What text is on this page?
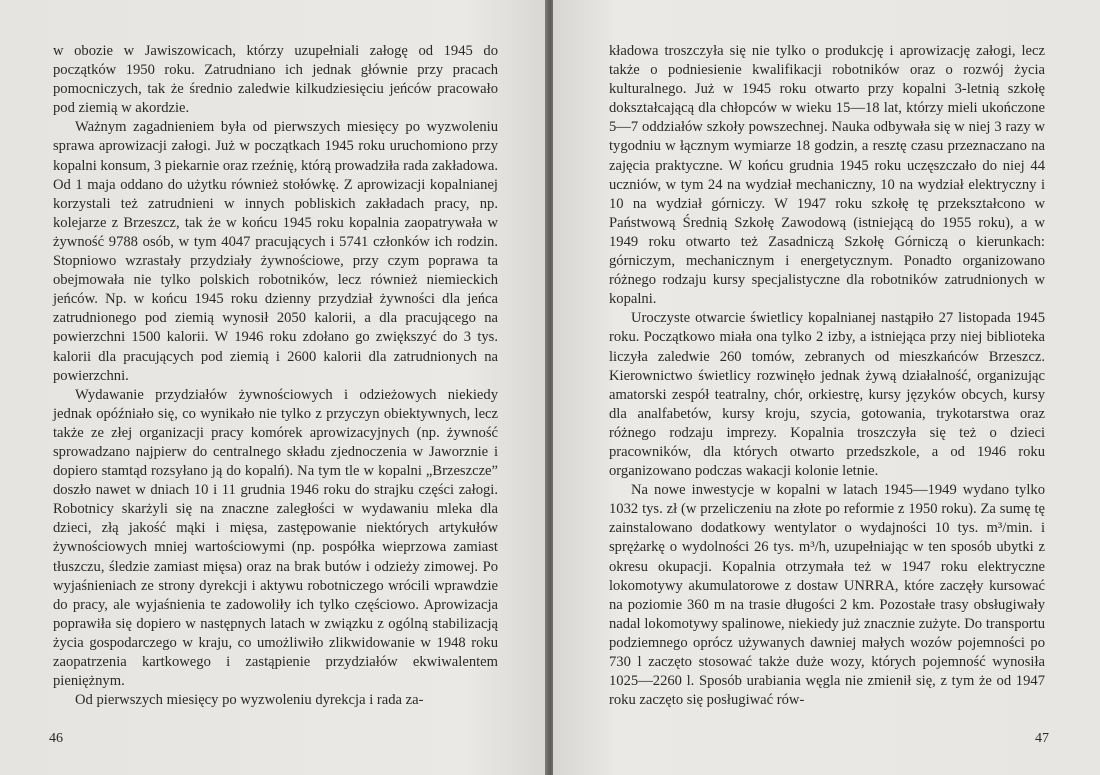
w obozie w Jawiszowicach, którzy uzupełniali załogę od 1945 do początków 1950 roku. Zatrudniano ich jednak głównie przy pracach pomocniczych, tak że średnio zaledwie kilkudziesięciu jeńców pracowało pod ziemią w akordzie.

Ważnym zagadnieniem była od pierwszych miesięcy po wyzwoleniu sprawa aprowizacji załogi. Już w początkach 1945 roku uruchomiono przy kopalni konsum, 3 piekarnie oraz rzeźnię, którą prowadziła rada zakładowa. Od 1 maja oddano do użytku również stołówkę. Z aprowizacji kopalnianej korzystali też zatrudnieni w innych pobliskich zakładach pracy, np. kolejarze z Brzeszcz, tak że w końcu 1945 roku kopalnia zaopatrywała w żywność 9788 osób, w tym 4047 pracujących i 5741 członków ich rodzin. Stopniowo wzrastały przydziały żywnościowe, przy czym poprawa ta obejmowała nie tylko polskich robotników, lecz również niemieckich jeńców. Np. w końcu 1945 roku dzienny przydział żywności dla jeńca zatrudnionego pod ziemią wynosił 2050 kalorii, a dla pracującego na powierzchni 1500 kalorii. W 1946 roku zdołano go zwiększyć do 3 tys. kalorii dla pracujących pod ziemią i 2600 kalorii dla zatrudnionych na powierzchni.

Wydawanie przydziałów żywnościowych i odzieżowych niekiedy jednak opóźniało się, co wynikało nie tylko z przyczyn obiektywnych, lecz także ze złej organizacji pracy komórek aprowizacyjnych (np. żywność sprowadzano najpierw do centralnego składu zjednoczenia w Jaworznie i dopiero stamtąd rozsyłano ją do kopalń). Na tym tle w kopalni „Brzeszcze” doszło nawet w dniach 10 i 11 grudnia 1946 roku do strajku części załogi. Robotnicy skarżyli się na znaczne zaległości w wydawaniu mleka dla dzieci, złą jakość mąki i mięsa, zastępowanie niektórych artykułów żywnościowych mniej wartościowymi (np. pospółka wieprzowa zamiast tłuszczu, śledzie zamiast mięsa) oraz na brak butów i odzieży zimowej. Po wyjaśnieniach ze strony dyrekcji i aktywu robotniczego wrócili wprawdzie do pracy, ale wyjaśnienia te zadowoliły ich tylko częściowo. Aprowizacja poprawiła się dopiero w następnych latach w związku z ogólną stabilizacją życia gospodarczego w kraju, co umożliwiło zlikwidowanie w 1948 roku zaopatrzenia kartkowego i zastąpienie przydziałów ekwiwalentem pieniężnym.

Od pierwszych miesięcy po wyzwoleniu dyrekcja i rada za-

46

kładowa troszczyła się nie tylko o produkcję i aprowizację załogi, lecz także o podniesienie kwalifikacji robotników oraz o rozwój życia kulturalnego. Już w 1945 roku otwarto przy kopalni 3-letnią szkołę dokształcającą dla chłopców w wieku 15—18 lat, którzy mieli ukończone 5—7 oddziałów szkoły powszechnej. Nauka odbywała się w niej 3 razy w tygodniu w łącznym wymiarze 18 godzin, a resztę czasu przeznaczano na zajęcia praktyczne. W końcu grudnia 1945 roku uczęszczało do niej 44 uczniów, w tym 24 na wydział mechaniczny, 10 na wydział elektryczny i 10 na wydział górniczy. W 1947 roku szkołę tę przekształcono w Państwową Średnią Szkołę Zawodową (istniejącą do 1955 roku), a w 1949 roku otwarto też Zasadniczą Szkołę Górniczą o kierunkach: górniczym, mechanicznym i energetycznym. Ponadto organizowano różnego rodzaju kursy specjalistyczne dla robotników zatrudnionych w kopalni.

Uroczyste otwarcie świetlicy kopalnianej nastąpiło 27 listopada 1945 roku. Początkowo miała ona tylko 2 izby, a istniejąca przy niej biblioteka liczyła zaledwie 260 tomów, zebranych od mieszkańców Brzeszcz. Kierownictwo świetlicy rozwinęło jednak żywą działalność, organizując amatorski zespół teatralny, chór, orkiestrę, kursy języków obcych, kursy dla analfabetów, kursy kroju, szycia, gotowania, trykotarstwa oraz różnego rodzaju imprezy. Kopalnia troszczyła się też o dzieci pracowników, dla których otwarto przedszkole, a od 1946 roku organizowano podczas wakacji kolonie letnie.

Na nowe inwestycje w kopalni w latach 1945—1949 wydano tylko 1032 tys. zł (w przeliczeniu na złote po reformie z 1950 roku). Za sumę tę zainstalowano dodatkowy wentylator o wydajności 10 tys. m³/min. i sprężarkę o wydolności 26 tys. m³/h, uzupełniając w ten sposób ubytki z okresu okupacji. Kopalnia otrzymała też w 1947 roku elektryczne lokomotywy akumulatorowe z dostaw UNRRA, które zaczęły kursować na poziomie 360 m na trasie długości 2 km. Pozostałe trasy obsługiwały nadal lokomotywy spalinowe, niekiedy już znacznie zużyte. Do transportu podziemnego oprócz używanych dawniej małych wozów pojemności po 730 l zaczęto stosować także duże wozy, których pojemność wynosiła 1025—2260 l. Sposób urabiania węgla nie zmienił się, z tym że od 1947 roku zaczęto się posługiwać rów-

47
